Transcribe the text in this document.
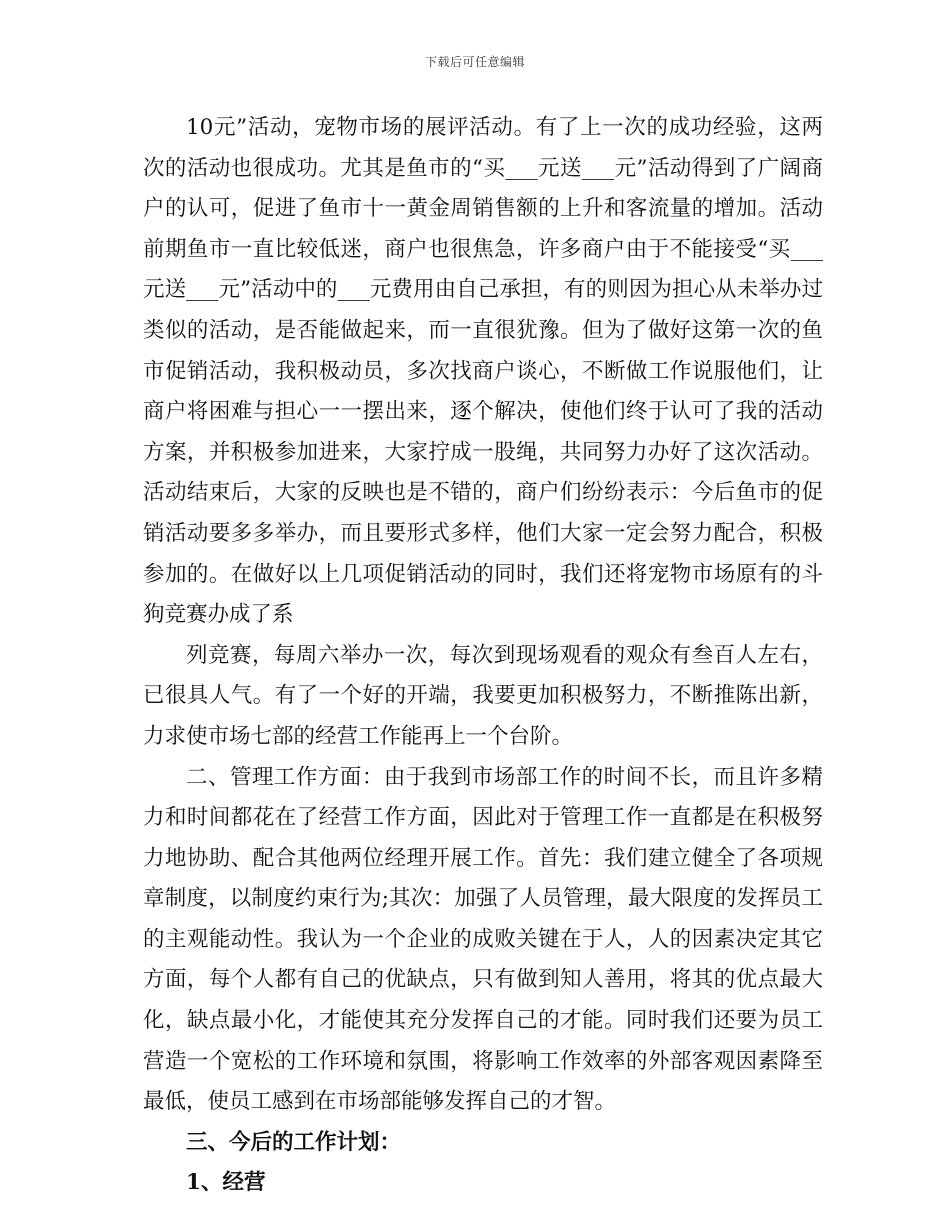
下载后可任意编辑

10元”活动，宠物市场的展评活动。有了上一次的成功经验，这两次的活动也很成功。尤其是鱼市的“买___元送___元”活动得到了广阔商户的认可，促进了鱼市十一黄金周销售额的上升和客流量的增加。活动前期鱼市一直比较低迷，商户也很焦急，许多商户由于不能接受“买___元送___元”活动中的___元费用由自己承担，有的则因为担心从未举办过类似的活动，是否能做起来，而一直很犹豫。但为了做好这第一次的鱼市促销活动，我积极动员，多次找商户谈心，不断做工作说服他们，让商户将困难与担心一一摆出来，逐个解决，使他们终于认可了我的活动方案，并积极参加进来，大家拧成一股绳，共同努力办好了这次活动。活动结束后，大家的反映也是不错的，商户们纷纷表示：今后鱼市的促销活动要多多举办，而且要形式多样，他们大家一定会努力配合，积极参加的。在做好以上几项促销活动的同时，我们还将宠物市场原有的斗狗竞赛办成了系

列竞赛，每周六举办一次，每次到现场观看的观众有叁百人左右，已很具人气。有了一个好的开端，我要更加积极努力，不断推陈出新，力求使市场七部的经营工作能再上一个台阶。

二、管理工作方面：由于我到市场部工作的时间不长，而且许多精力和时间都花在了经营工作方面，因此对于管理工作一直都是在积极努力地协助、配合其他两位经理开展工作。首先：我们建立健全了各项规章制度，以制度约束行为;其次：加强了人员管理，最大限度的发挥员工的主观能动性。我认为一个企业的成败关键在于人，人的因素决定其它方面，每个人都有自己的优缺点，只有做到知人善用，将其的优点最大化，缺点最小化，才能使其充分发挥自己的才能。同时我们还要为员工营造一个宽松的工作环境和氛围，将影响工作效率的外部客观因素降至最低，使员工感到在市场部能够发挥自己的才智。

三、今后的工作计划：

1、经营
